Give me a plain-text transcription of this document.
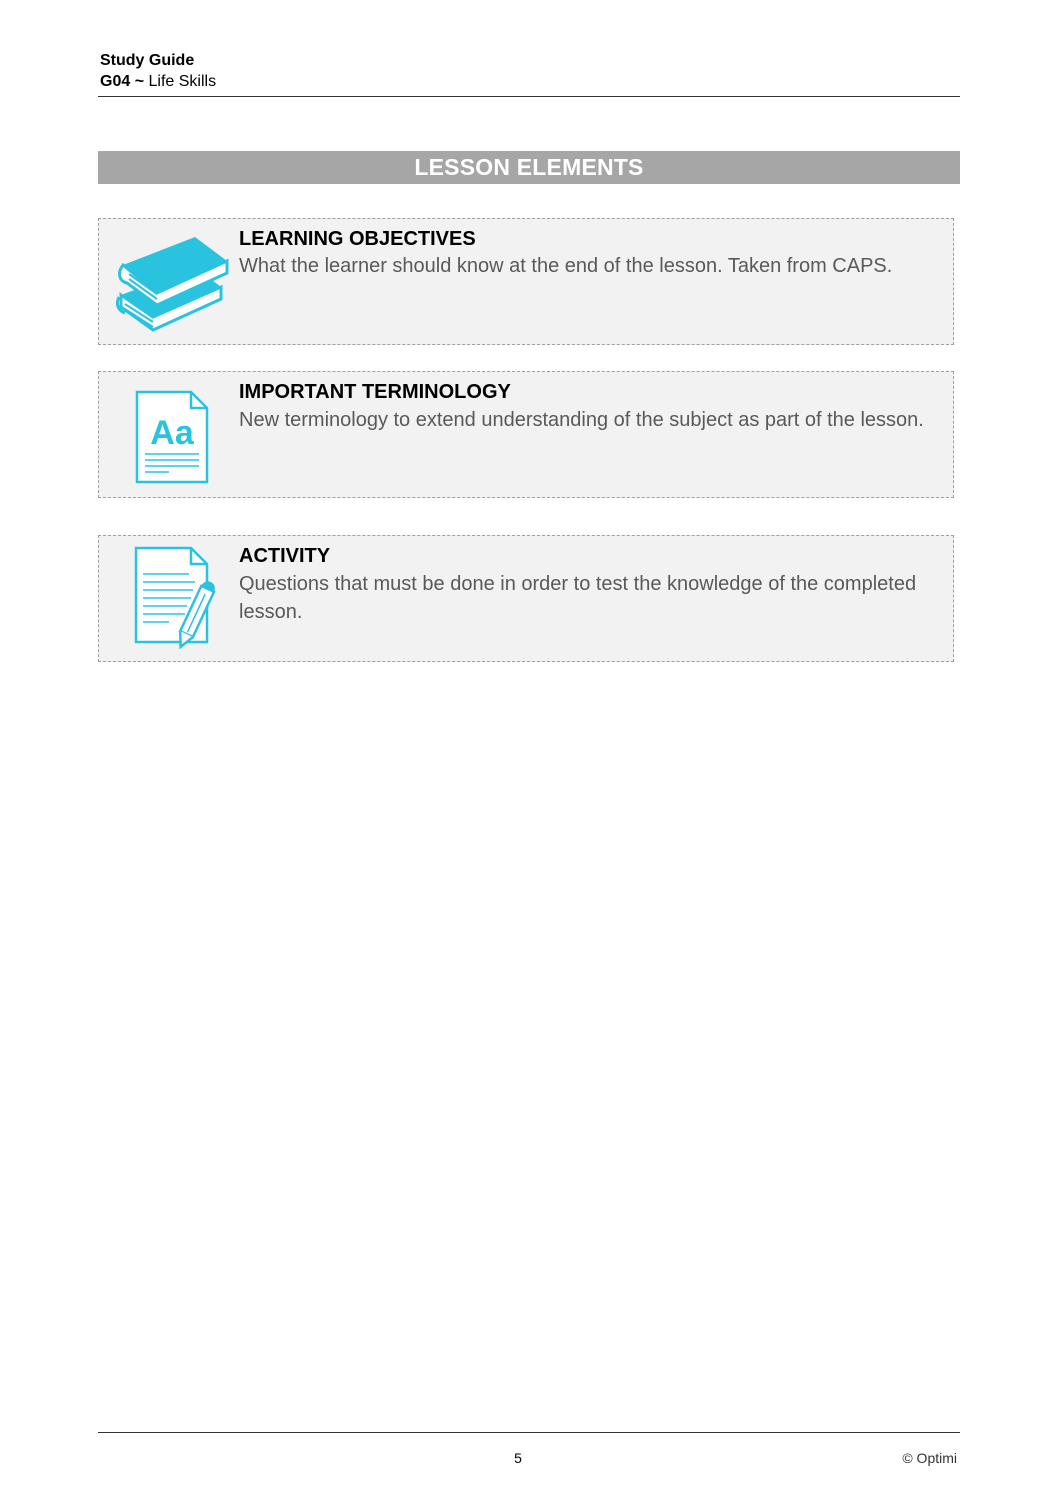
Study Guide
G04 ~ Life Skills
LESSON ELEMENTS
LEARNING OBJECTIVES
What the learner should know at the end of the lesson. Taken from CAPS.
Aa
IMPORTANT TERMINOLOGY
New terminology to extend understanding of the subject as part of the lesson.
ACTIVITY
Questions that must be done in order to test the knowledge of the completed lesson.
5	© Optimi
